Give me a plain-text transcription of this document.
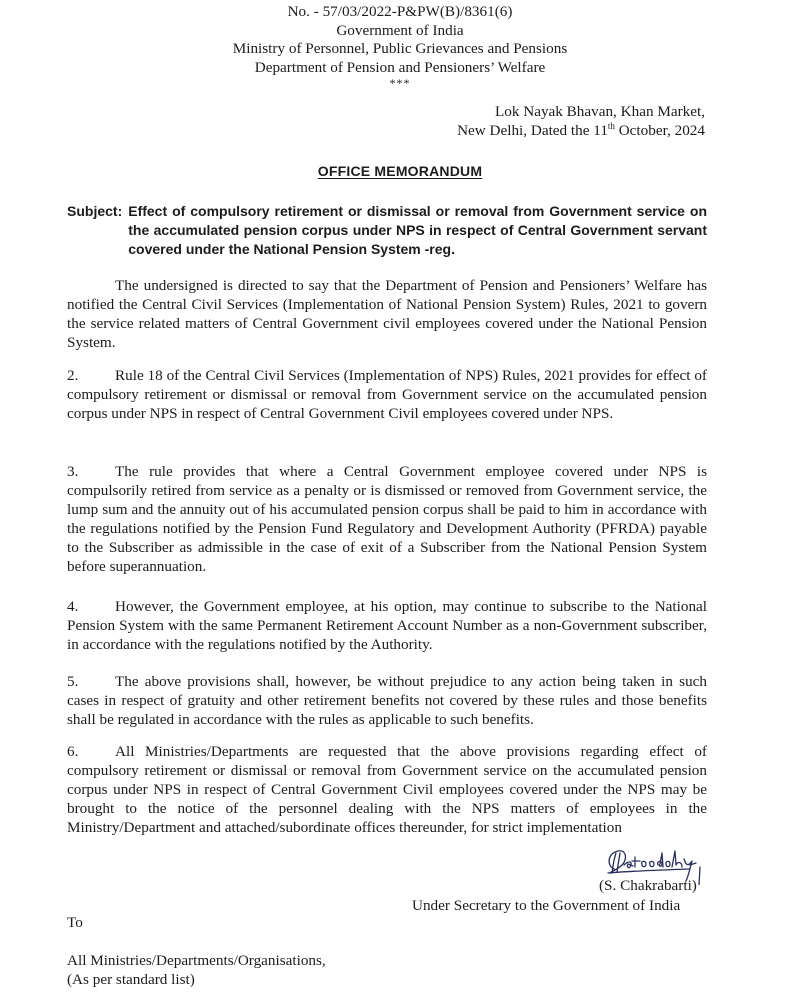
No. - 57/03/2022-P&PW(B)/8361(6)
Government of India
Ministry of Personnel, Public Grievances and Pensions
Department of Pension and Pensioners’ Welfare
***
Lok Nayak Bhavan, Khan Market,
New Delhi, Dated the 11th October, 2024
OFFICE MEMORANDUM
Subject: Effect of compulsory retirement or dismissal or removal from Government service on the accumulated pension corpus under NPS in respect of Central Government servant covered under the National Pension System -reg.
The undersigned is directed to say that the Department of Pension and Pensioners’ Welfare has notified the Central Civil Services (Implementation of National Pension System) Rules, 2021 to govern the service related matters of Central Government civil employees covered under the National Pension System.
2. Rule 18 of the Central Civil Services (Implementation of NPS) Rules, 2021 provides for effect of compulsory retirement or dismissal or removal from Government service on the accumulated pension corpus under NPS in respect of Central Government Civil employees covered under NPS.
3. The rule provides that where a Central Government employee covered under NPS is compulsorily retired from service as a penalty or is dismissed or removed from Government service, the lump sum and the annuity out of his accumulated pension corpus shall be paid to him in accordance with the regulations notified by the Pension Fund Regulatory and Development Authority (PFRDA) payable to the Subscriber as admissible in the case of exit of a Subscriber from the National Pension System before superannuation.
4. However, the Government employee, at his option, may continue to subscribe to the National Pension System with the same Permanent Retirement Account Number as a non-Government subscriber, in accordance with the regulations notified by the Authority.
5. The above provisions shall, however, be without prejudice to any action being taken in such cases in respect of gratuity and other retirement benefits not covered by these rules and those benefits shall be regulated in accordance with the rules as applicable to such benefits.
6. All Ministries/Departments are requested that the above provisions regarding effect of compulsory retirement or dismissal or removal from Government service on the accumulated pension corpus under NPS in respect of Central Government Civil employees covered under the NPS may be brought to the notice of the personnel dealing with the NPS matters of employees in the Ministry/Department and attached/subordinate offices thereunder, for strict implementation
(S. Chakrabarti)
Under Secretary to the Government of India
To
All Ministries/Departments/Organisations,
(As per standard list)
